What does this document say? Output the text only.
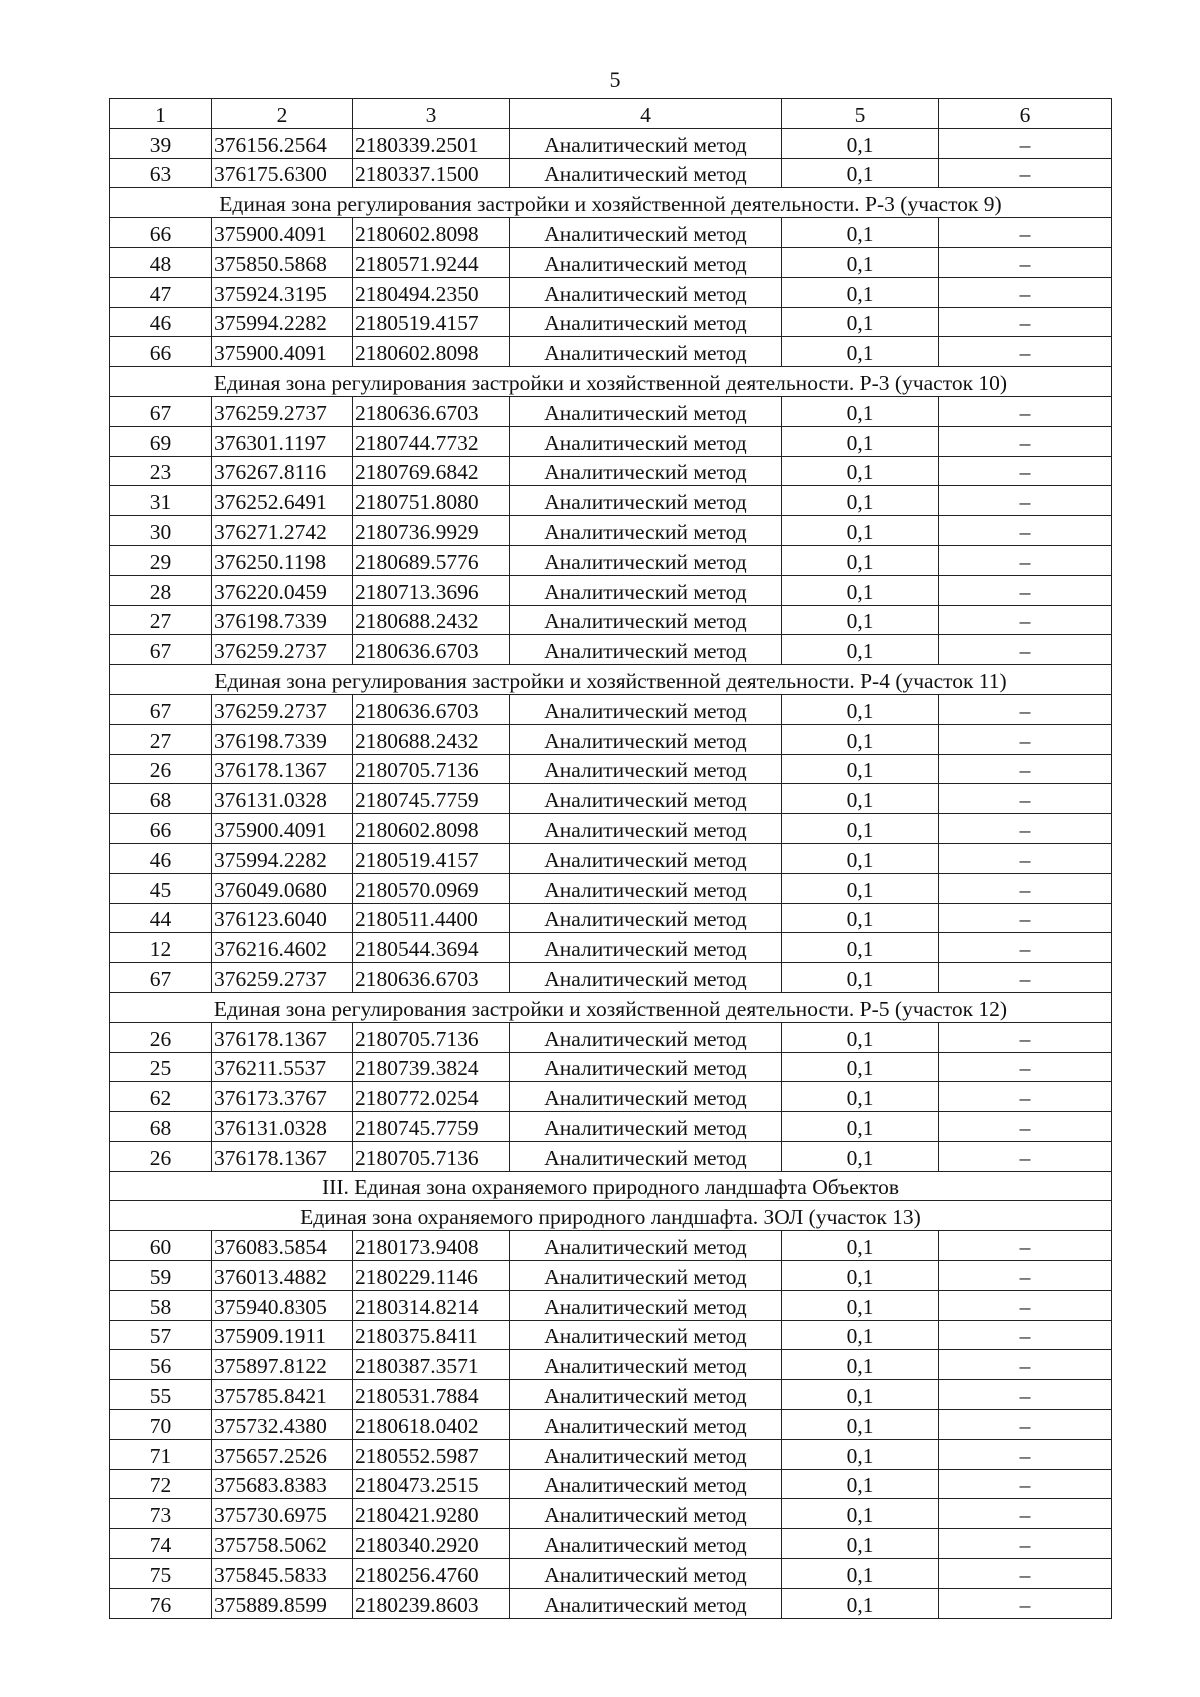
5
1	2	3	4	5	6
39	376156.2564	2180339.2501	Аналитический метод	0,1	–
63	376175.6300	2180337.1500	Аналитический метод	0,1	–
Единая зона регулирования застройки и хозяйственной деятельности. Р-3 (участок 9)					
66	375900.4091	2180602.8098	Аналитический метод	0,1	–
48	375850.5868	2180571.9244	Аналитический метод	0,1	–
47	375924.3195	2180494.2350	Аналитический метод	0,1	–
46	375994.2282	2180519.4157	Аналитический метод	0,1	–
66	375900.4091	2180602.8098	Аналитический метод	0,1	–
Единая зона регулирования застройки и хозяйственной деятельности. Р-3 (участок 10)					
67	376259.2737	2180636.6703	Аналитический метод	0,1	–
69	376301.1197	2180744.7732	Аналитический метод	0,1	–
23	376267.8116	2180769.6842	Аналитический метод	0,1	–
31	376252.6491	2180751.8080	Аналитический метод	0,1	–
30	376271.2742	2180736.9929	Аналитический метод	0,1	–
29	376250.1198	2180689.5776	Аналитический метод	0,1	–
28	376220.0459	2180713.3696	Аналитический метод	0,1	–
27	376198.7339	2180688.2432	Аналитический метод	0,1	–
67	376259.2737	2180636.6703	Аналитический метод	0,1	–
Единая зона регулирования застройки и хозяйственной деятельности. Р-4 (участок 11)					
67	376259.2737	2180636.6703	Аналитический метод	0,1	–
27	376198.7339	2180688.2432	Аналитический метод	0,1	–
26	376178.1367	2180705.7136	Аналитический метод	0,1	–
68	376131.0328	2180745.7759	Аналитический метод	0,1	–
66	375900.4091	2180602.8098	Аналитический метод	0,1	–
46	375994.2282	2180519.4157	Аналитический метод	0,1	–
45	376049.0680	2180570.0969	Аналитический метод	0,1	–
44	376123.6040	2180511.4400	Аналитический метод	0,1	–
12	376216.4602	2180544.3694	Аналитический метод	0,1	–
67	376259.2737	2180636.6703	Аналитический метод	0,1	–
Единая зона регулирования застройки и хозяйственной деятельности. Р-5 (участок 12)					
26	376178.1367	2180705.7136	Аналитический метод	0,1	–
25	376211.5537	2180739.3824	Аналитический метод	0,1	–
62	376173.3767	2180772.0254	Аналитический метод	0,1	–
68	376131.0328	2180745.7759	Аналитический метод	0,1	–
26	376178.1367	2180705.7136	Аналитический метод	0,1	–
III. Единая зона охраняемого природного ландшафта Объектов					
Единая зона охраняемого природного ландшафта. ЗОЛ (участок 13)					
60	376083.5854	2180173.9408	Аналитический метод	0,1	–
59	376013.4882	2180229.1146	Аналитический метод	0,1	–
58	375940.8305	2180314.8214	Аналитический метод	0,1	–
57	375909.1911	2180375.8411	Аналитический метод	0,1	–
56	375897.8122	2180387.3571	Аналитический метод	0,1	–
55	375785.8421	2180531.7884	Аналитический метод	0,1	–
70	375732.4380	2180618.0402	Аналитический метод	0,1	–
71	375657.2526	2180552.5987	Аналитический метод	0,1	–
72	375683.8383	2180473.2515	Аналитический метод	0,1	–
73	375730.6975	2180421.9280	Аналитический метод	0,1	–
74	375758.5062	2180340.2920	Аналитический метод	0,1	–
75	375845.5833	2180256.4760	Аналитический метод	0,1	–
76	375889.8599	2180239.8603	Аналитический метод	0,1	–
